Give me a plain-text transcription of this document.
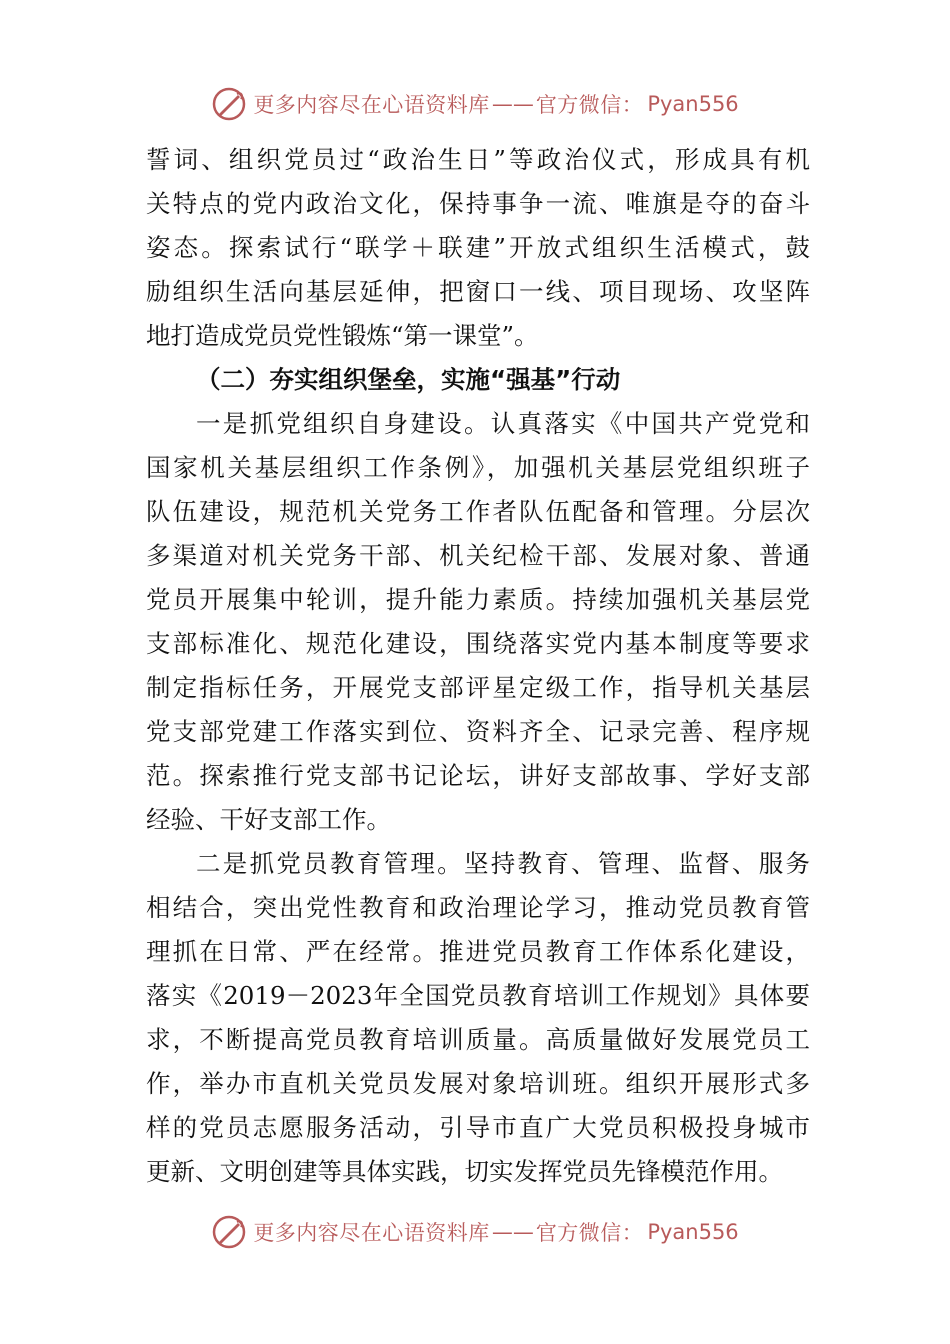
更多内容尽在心语资料库 —— 官方微信： Pyan556
誓词、组织党员过“政治生日”等政治仪式，形成具有机
关特点的党内政治文化，保持事争一流、唯旗是夺的奋斗
姿态。探索试行“联学＋联建”开放式组织生活模式，鼓
励组织生活向基层延伸，把窗口一线、项目现场、攻坚阵
地打造成党员党性锻炼“第一课堂”。
（二）夯实组织堡垒，实施“强基”行动
一是抓党组织自身建设。认真落实《中国共产党党和
国家机关基层组织工作条例》，加强机关基层党组织班子
队伍建设，规范机关党务工作者队伍配备和管理。分层次
多渠道对机关党务干部、机关纪检干部、发展对象、普通
党员开展集中轮训，提升能力素质。持续加强机关基层党
支部标准化、规范化建设，围绕落实党内基本制度等要求
制定指标任务，开展党支部评星定级工作，指导机关基层
党支部党建工作落实到位、资料齐全、记录完善、程序规
范。探索推行党支部书记论坛，讲好支部故事、学好支部
经验、干好支部工作。
二是抓党员教育管理。坚持教育、管理、监督、服务
相结合，突出党性教育和政治理论学习，推动党员教育管
理抓在日常、严在经常。推进党员教育工作体系化建设，
落实《2019－2023年全国党员教育培训工作规划》具体要
求，不断提高党员教育培训质量。高质量做好发展党员工
作，举办市直机关党员发展对象培训班。组织开展形式多
样的党员志愿服务活动，引导市直广大党员积极投身城市
更新、文明创建等具体实践，切实发挥党员先锋模范作用。
更多内容尽在心语资料库 —— 官方微信： Pyan556
